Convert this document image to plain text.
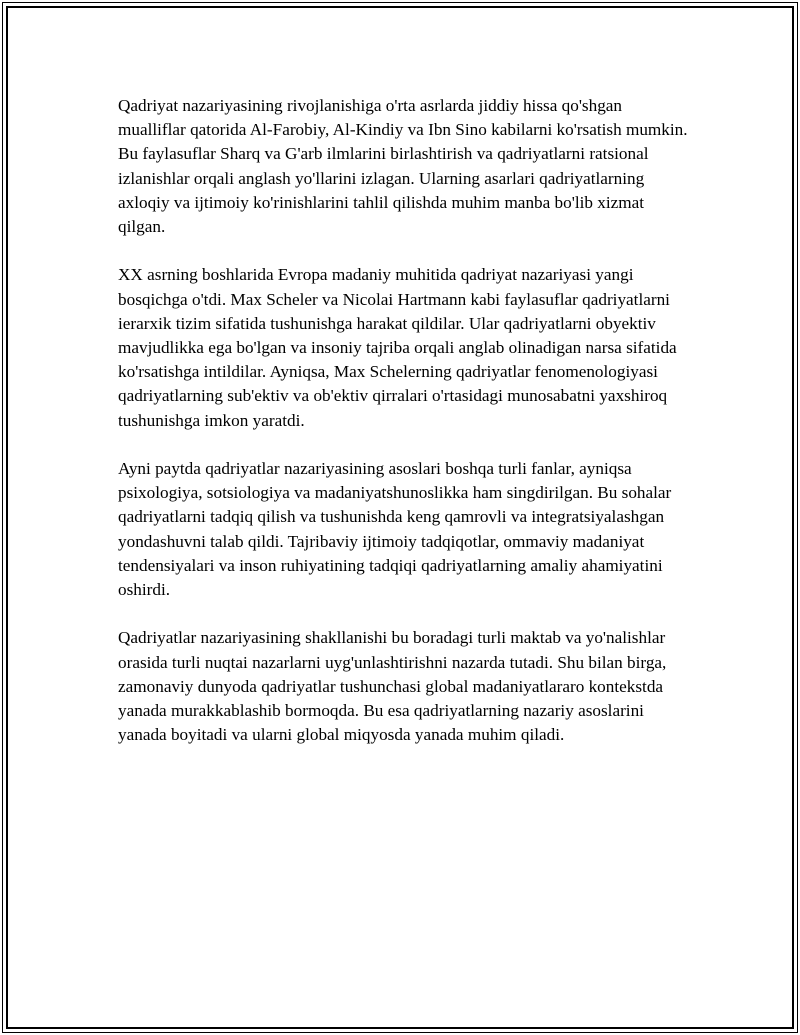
Qadriyat nazariyasining rivojlanishiga o'rta asrlarda jiddiy hissa qo'shgan mualliflar qatorida Al-Farobiy, Al-Kindiy va Ibn Sino kabilarni ko'rsatish mumkin. Bu faylasuflar Sharq va G'arb ilmlarini birlashtirish va qadriyatlarni ratsional izlanishlar orqali anglash yo'llarini izlagan. Ularning asarlari qadriyatlarning axloqiy va ijtimoiy ko'rinishlarini tahlil qilishda muhim manba bo'lib xizmat qilgan.

XX asrning boshlarida Evropa madaniy muhitida qadriyat nazariyasi yangi bosqichga o'tdi. Max Scheler va Nicolai Hartmann kabi faylasuflar qadriyatlarni ierarxik tizim sifatida tushunishga harakat qildilar. Ular qadriyatlarni obyektiv mavjudlikka ega bo'lgan va insoniy tajriba orqali anglab olinadigan narsa sifatida ko'rsatishga intildilar. Ayniqsa, Max Schelerning qadriyatlar fenomenologiyasi qadriyatlarning sub'ektiv va ob'ektiv qirralari o'rtasidagi munosabatni yaxshiroq tushunishga imkon yaratdi.

Ayni paytda qadriyatlar nazariyasining asoslari boshqa turli fanlar, ayniqsa psixologiya, sotsiologiya va madaniyatshunoslikka ham singdirilgan. Bu sohalar qadriyatlarni tadqiq qilish va tushunishda keng qamrovli va integratsiyalashgan yondashuvni talab qildi. Tajribaviy ijtimoiy tadqiqotlar, ommaviy madaniyat tendensiyalari va inson ruhiyatining tadqiqi qadriyatlarning amaliy ahamiyatini oshirdi.

Qadriyatlar nazariyasining shakllanishi bu boradagi turli maktab va yo'nalishlar orasida turli nuqtai nazarlarni uyg'unlashtirishni nazarda tutadi. Shu bilan birga, zamonaviy dunyoda qadriyatlar tushunchasi global madaniyatlararo kontekstda yanada murakkablashib bormoqda. Bu esa qadriyatlarning nazariy asoslarini yanada boyitadi va ularni global miqyosda yanada muhim qiladi.
